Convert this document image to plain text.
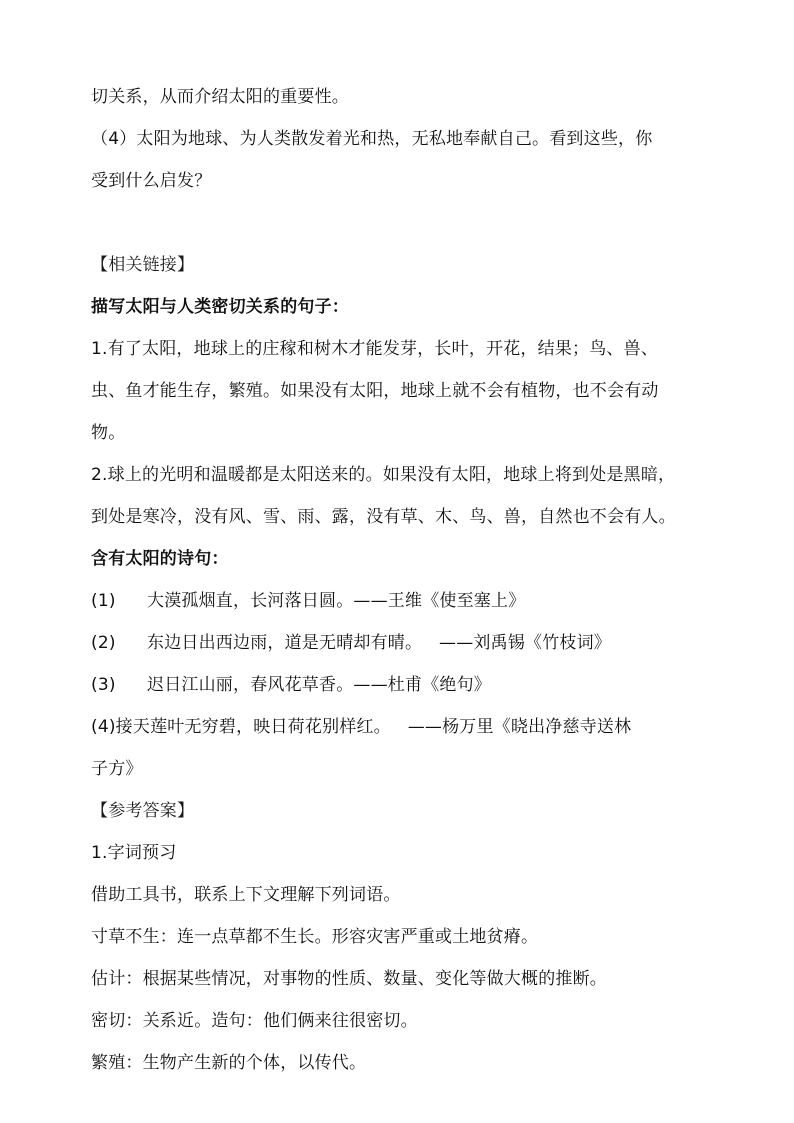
切关系，从而介绍太阳的重要性。
（4）太阳为地球、为人类散发着光和热，无私地奉献自己。看到这些，你
受到什么启发？
【相关链接】
描写太阳与人类密切关系的句子：
1.有了太阳，地球上的庄稼和树木才能发芽，长叶，开花，结果；鸟、兽、
虫、鱼才能生存，繁殖。如果没有太阳，地球上就不会有植物，也不会有动
物。
2.球上的光明和温暖都是太阳送来的。如果没有太阳，地球上将到处是黑暗，
到处是寒冷，没有风、雪、雨、露，没有草、木、鸟、兽，自然也不会有人。
含有太阳的诗句：
(1) 大漠孤烟直，长河落日圆。——王维《使至塞上》
(2) 东边日出西边雨，道是无晴却有晴。   ——刘禹锡《竹枝词》
(3) 迟日江山丽，春风花草香。——杜甫《绝句》
(4)接天莲叶无穷碧，映日荷花别样红。   ——杨万里《晓出净慈寺送林
子方》
【参考答案】
1.字词预习
借助工具书，联系上下文理解下列词语。
寸草不生：连一点草都不生长。形容灾害严重或土地贫瘠。
估计：根据某些情况，对事物的性质、数量、变化等做大概的推断。
密切：关系近。造句：他们俩来往很密切。
繁殖：生物产生新的个体，以传代。
